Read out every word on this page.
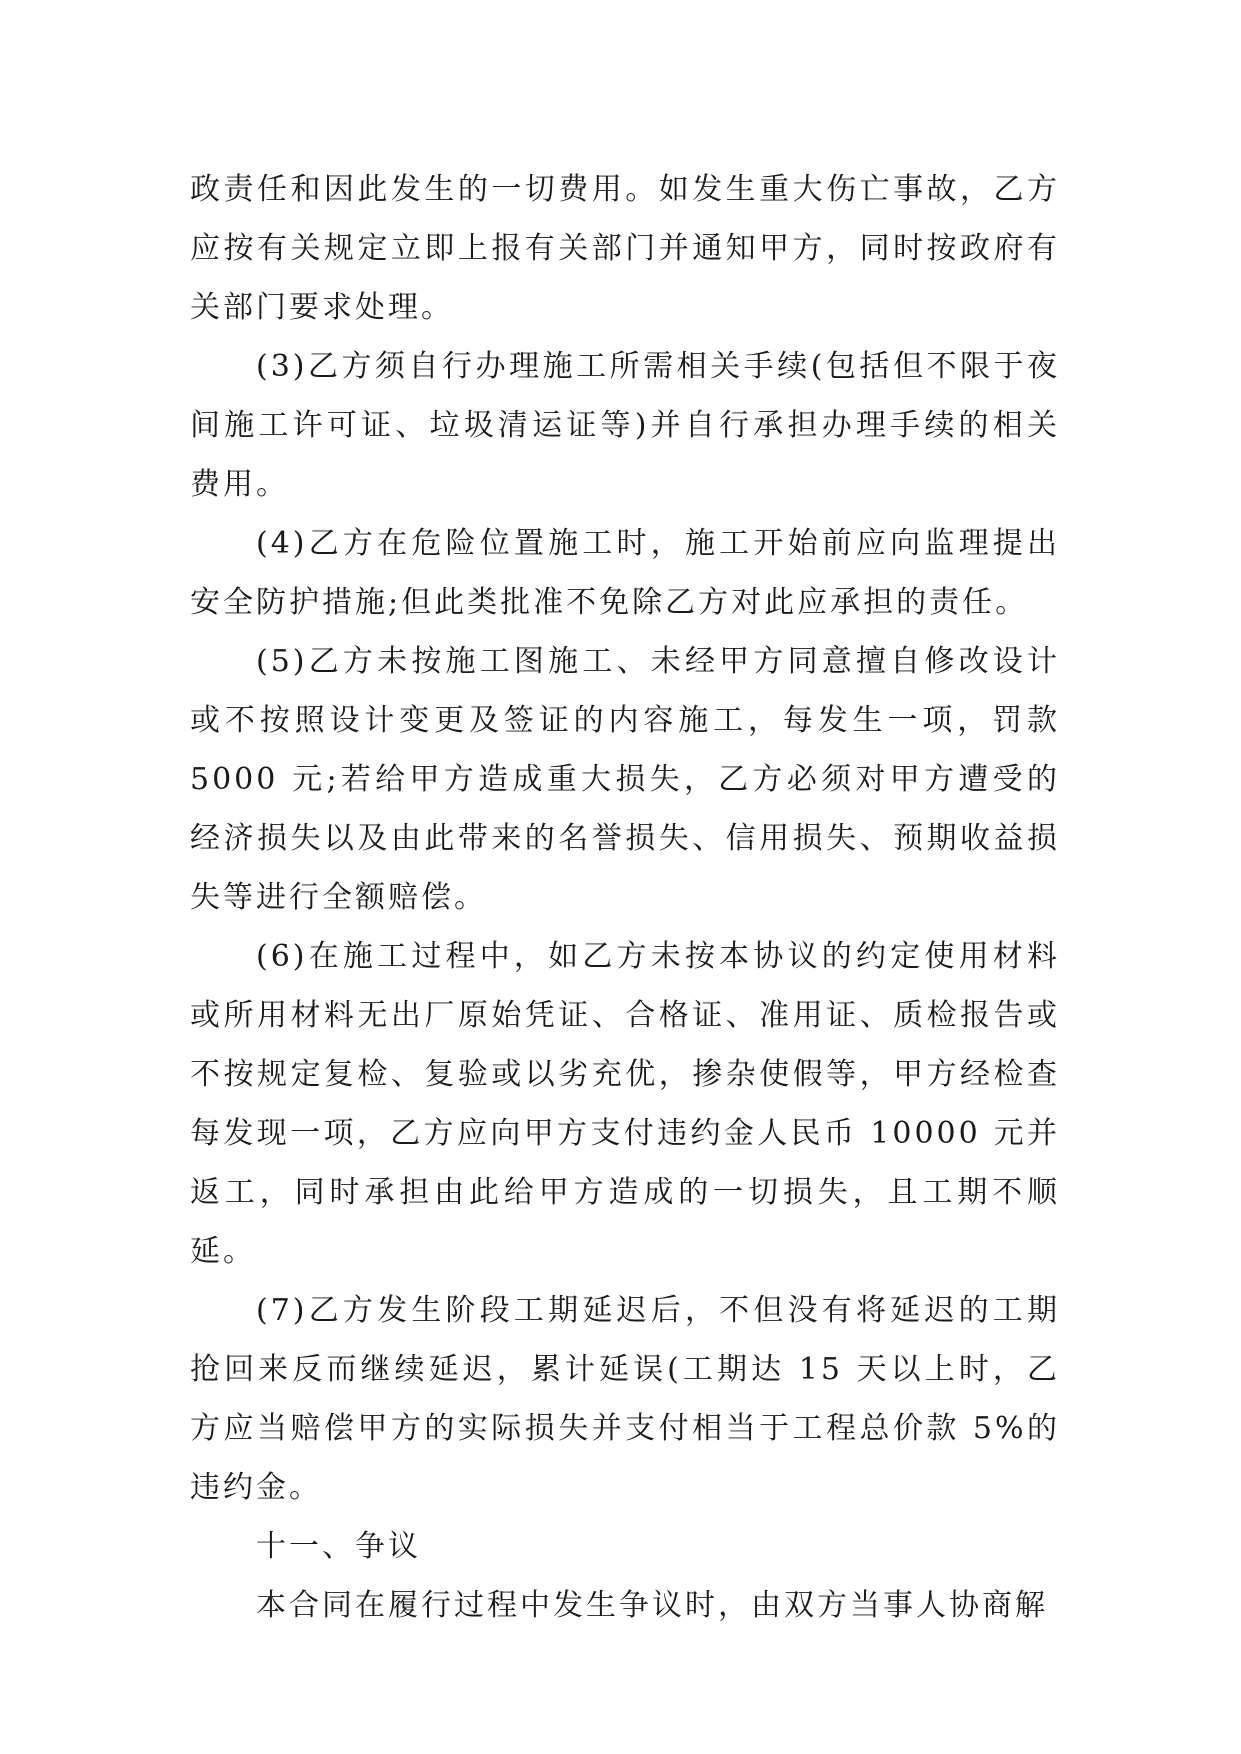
政责任和因此发生的一切费用。如发生重大伤亡事故，乙方应按有关规定立即上报有关部门并通知甲方，同时按政府有关部门要求处理。

(3)乙方须自行办理施工所需相关手续(包括但不限于夜间施工许可证、垃圾清运证等)并自行承担办理手续的相关费用。

(4)乙方在危险位置施工时，施工开始前应向监理提出安全防护措施;但此类批准不免除乙方对此应承担的责任。

(5)乙方未按施工图施工、未经甲方同意擅自修改设计或不按照设计变更及签证的内容施工，每发生一项，罚款5000 元;若给甲方造成重大损失，乙方必须对甲方遭受的经济损失以及由此带来的名誉损失、信用损失、预期收益损失等进行全额赔偿。

(6)在施工过程中，如乙方未按本协议的约定使用材料或所用材料无出厂原始凭证、合格证、准用证、质检报告或不按规定复检、复验或以劣充优，掺杂使假等，甲方经检查每发现一项，乙方应向甲方支付违约金人民币 10000 元并返工，同时承担由此给甲方造成的一切损失，且工期不顺延。

(7)乙方发生阶段工期延迟后，不但没有将延迟的工期抢回来反而继续延迟，累计延误(工期达 15 天以上时，乙方应当赔偿甲方的实际损失并支付相当于工程总价款 5%的违约金。

十一、争议

本合同在履行过程中发生争议时，由双方当事人协商解
